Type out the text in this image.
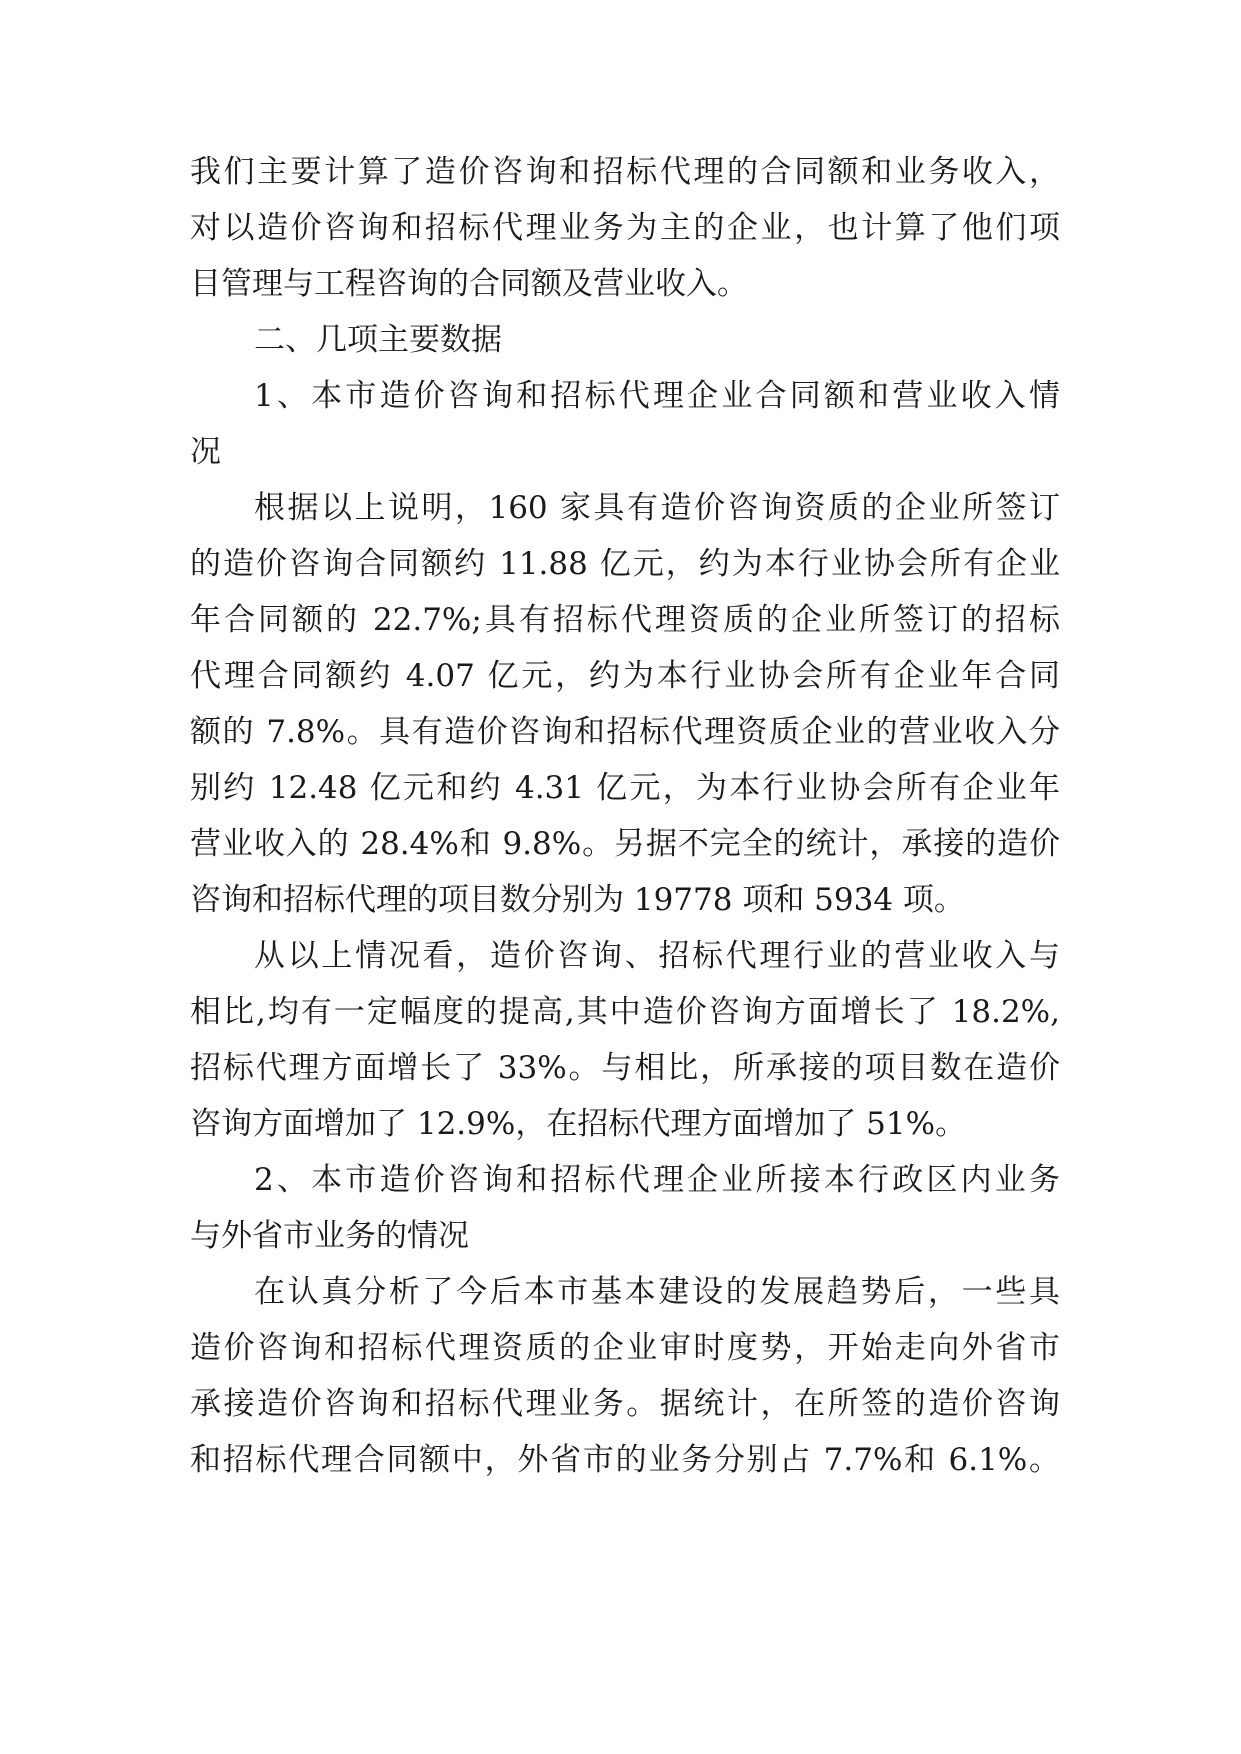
我们主要计算了造价咨询和招标代理的合同额和业务收入，
对以造价咨询和招标代理业务为主的企业，也计算了他们项
目管理与工程咨询的合同额及营业收入。
二、几项主要数据
1、本市造价咨询和招标代理企业合同额和营业收入情
况
根据以上说明，160 家具有造价咨询资质的企业所签订
的造价咨询合同额约 11.88 亿元，约为本行业协会所有企业
年合同额的 22.7%;具有招标代理资质的企业所签订的招标
代理合同额约 4.07 亿元，约为本行业协会所有企业年合同
额的 7.8%。具有造价咨询和招标代理资质企业的营业收入分
别约 12.48 亿元和约 4.31 亿元，为本行业协会所有企业年
营业收入的 28.4%和 9.8%。另据不完全的统计，承接的造价
咨询和招标代理的项目数分别为 19778 项和 5934 项。
从以上情况看，造价咨询、招标代理行业的营业收入与
相比,均有一定幅度的提高,其中造价咨询方面增长了 18.2%,
招标代理方面增长了 33%。与相比，所承接的项目数在造价
咨询方面增加了 12.9%，在招标代理方面增加了 51%。
2、本市造价咨询和招标代理企业所接本行政区内业务
与外省市业务的情况
在认真分析了今后本市基本建设的发展趋势后，一些具
造价咨询和招标代理资质的企业审时度势，开始走向外省市
承接造价咨询和招标代理业务。据统计，在所签的造价咨询
和招标代理合同额中，外省市的业务分别占 7.7%和 6.1%。
